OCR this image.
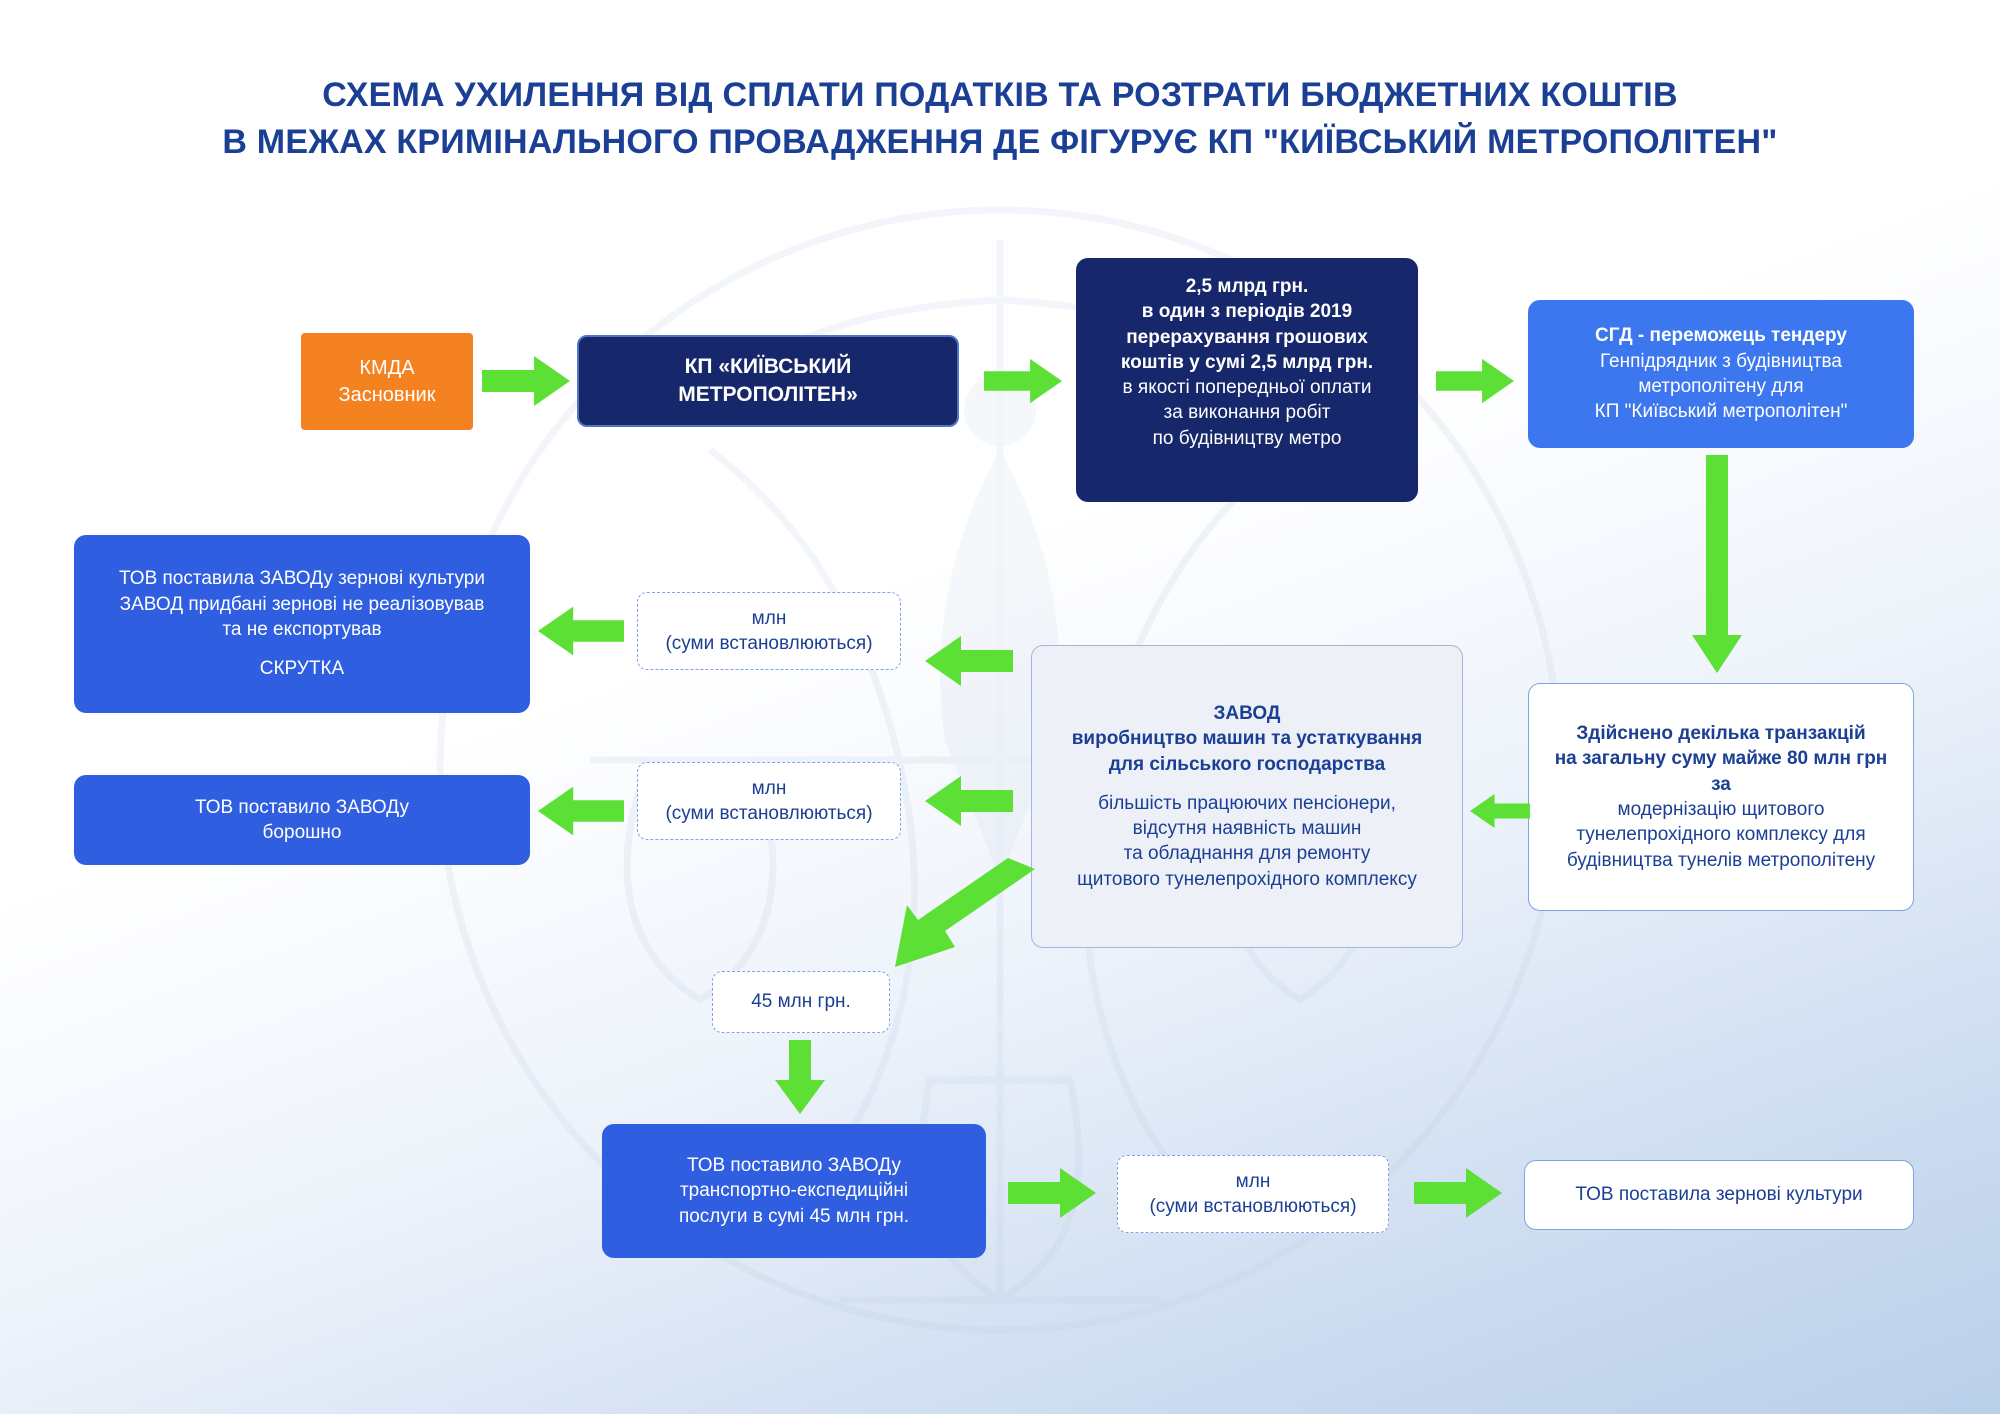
СХЕМА УХИЛЕННЯ ВІД СПЛАТИ ПОДАТКІВ ТА РОЗТРАТИ БЮДЖЕТНИХ КОШТІВ
В МЕЖАХ КРИМІНАЛЬНОГО ПРОВАДЖЕННЯ ДЕ ФІГУРУЄ КП "КИЇВСЬКИЙ МЕТРОПОЛІТЕН"
КМДА
Засновник
КП «КИЇВСЬКИЙ МЕТРОПОЛІТЕН»
2,5 млрд грн.
в один з періодів 2019
перерахування грошових
коштів у сумі 2,5 млрд грн.
в якості попередньої оплати
за виконання робіт
по будівництву метро
СГД - переможець тендеру
Генпідрядник з будівництва
метрополітену для
КП "Київський метрополітен"
Здійснено декілька транзакцій
на загальну суму майже 80 млн грн
за
модернізацію щитового
тунелепрохідного комплексу для
будівництва тунелів метрополітену
ЗАВОД
виробництво машин та устаткування
для сільського господарства
більшість працюючих пенсіонери,
відсутня наявність машин
та обладнання для ремонту
щитового тунелепрохідного комплексу
млн
(суми встановлюються)
млн
(суми встановлюються)
ТОВ поставила ЗАВОДу зернові культури
ЗАВОД придбані зернові не реалізовував
та не експортував
СКРУТКА
ТОВ поставило ЗАВОДу
борошно
45 млн грн.
ТОВ поставило ЗАВОДу
транспортно-експедиційні
послуги в сумі 45 млн грн.
млн
(суми встановлюються)
ТОВ поставила зернові культури
